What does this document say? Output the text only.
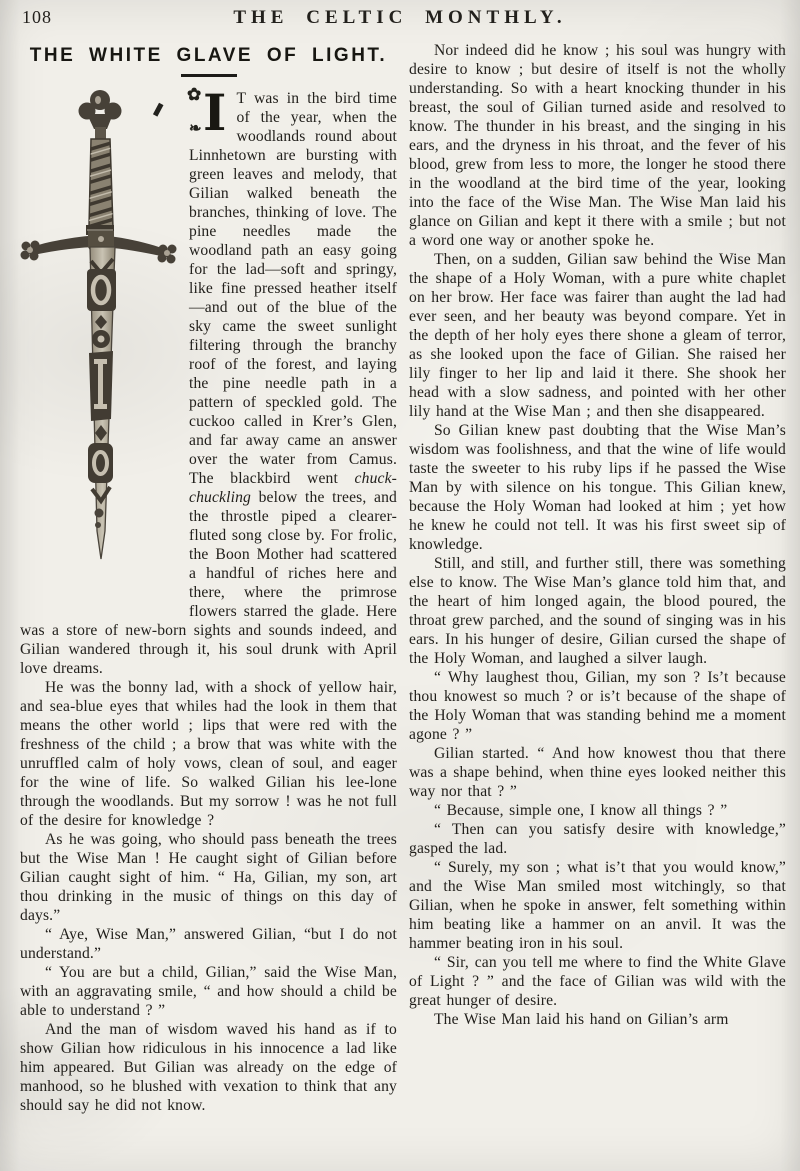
108	THE CELTIC MONTHLY.
THE WHITE GLAVE OF LIGHT.

✿ I ❧ T was in the bird time of the year, when the woodlands round about Linnhetown are bursting with green leaves and melody, that Gilian walked beneath the branches, thinking of love. The pine needles made the woodland path an easy going for the lad—soft and springy, like fine pressed heather itself—and out of the blue of the sky came the sweet sunlight filtering through the branchy roof of the forest, and laying the pine needle path in a pattern of speckled gold. The cuckoo called in Krer’s Glen, and far away came an answer over the water from Camus. The blackbird went chuck-chuckling below the trees, and the throstle piped a clearer-fluted song close by. For frolic, the Boon Mother had scattered a handful of riches here and there, where the primrose flowers starred the glade. Here was a store of new-born sights and sounds indeed, and Gilian wandered through it, his soul drunk with April love dreams.

He was the bonny lad, with a shock of yellow hair, and sea-blue eyes that whiles had the look in them that means the other world ; lips that were red with the freshness of the child ; a brow that was white with the unruffled calm of holy vows, clean of soul, and eager for the wine of life. So walked Gilian his lee-lone through the woodlands. But my sorrow ! was he not full of the desire for knowledge ?

As he was going, who should pass beneath the trees but the Wise Man ! He caught sight of Gilian before Gilian caught sight of him. “ Ha, Gilian, my son, art thou drinking in the music of things on this day of days.”

“ Aye, Wise Man,” answered Gilian, “but I do not understand.”

“ You are but a child, Gilian,” said the Wise Man, with an aggravating smile, “ and how should a child be able to understand ? ”

And the man of wisdom waved his hand as if to show Gilian how ridiculous in his innocence a lad like him appeared. But Gilian was already on the edge of manhood, so he blushed with vexation to think that any should say he did not know.

Nor indeed did he know ; his soul was hungry with desire to know ; but desire of itself is not the wholly understanding. So with a heart knocking thunder in his breast, the soul of Gilian turned aside and resolved to know. The thunder in his breast, and the singing in his ears, and the dryness in his throat, and the fever of his blood, grew from less to more, the longer he stood there in the woodland at the bird time of the year, looking into the face of the Wise Man. The Wise Man laid his glance on Gilian and kept it there with a smile ; but not a word one way or another spoke he.

Then, on a sudden, Gilian saw behind the Wise Man the shape of a Holy Woman, with a pure white chaplet on her brow. Her face was fairer than aught the lad had ever seen, and her beauty was beyond compare. Yet in the depth of her holy eyes there shone a gleam of terror, as she looked upon the face of Gilian. She raised her lily finger to her lip and laid it there. She shook her head with a slow sadness, and pointed with her other lily hand at the Wise Man ; and then she disappeared.

So Gilian knew past doubting that the Wise Man’s wisdom was foolishness, and that the wine of life would taste the sweeter to his ruby lips if he passed the Wise Man by with silence on his tongue. This Gilian knew, because the Holy Woman had looked at him ; yet how he knew he could not tell. It was his first sweet sip of knowledge.

Still, and still, and further still, there was something else to know. The Wise Man’s glance told him that, and the heart of him longed again, the blood poured, the throat grew parched, and the sound of singing was in his ears. In his hunger of desire, Gilian cursed the shape of the Holy Woman, and laughed a silver laugh.

“ Why laughest thou, Gilian, my son ? Is’t because thou knowest so much ? or is’t because of the shape of the Holy Woman that was standing behind me a moment agone ? ”

Gilian started. “ And how knowest thou that there was a shape behind, when thine eyes looked neither this way nor that ? ”

“ Because, simple one, I know all things ? ”

“ Then can you satisfy desire with knowledge,” gasped the lad.

“ Surely, my son ; what is’t that you would know,” and the Wise Man smiled most witchingly, so that Gilian, when he spoke in answer, felt something within him beating like a hammer on an anvil. It was the hammer beating iron in his soul.

“ Sir, can you tell me where to find the White Glave of Light ? ” and the face of Gilian was wild with the great hunger of desire.

The Wise Man laid his hand on Gilian’s arm
